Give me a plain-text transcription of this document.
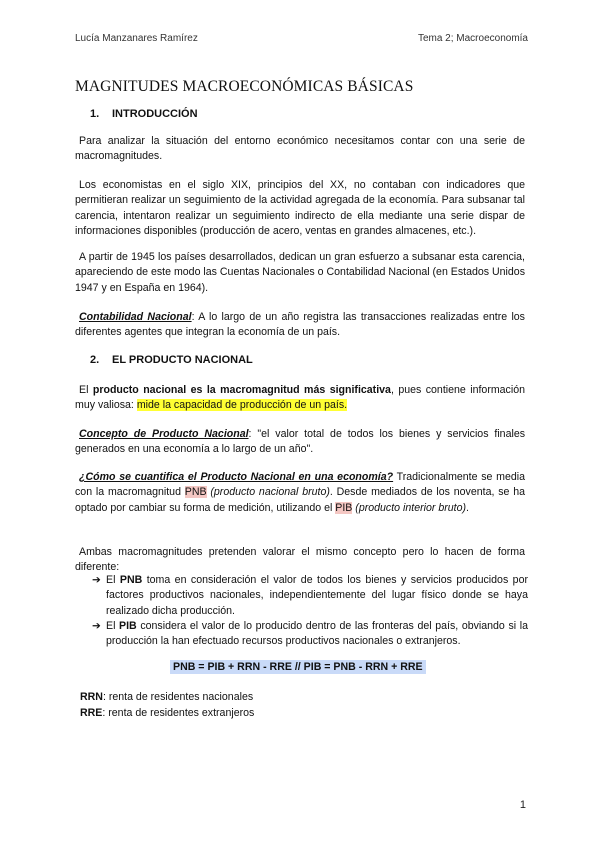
Lucía Manzanares Ramírez	Tema 2; Macroeconomía
MAGNITUDES MACROECONÓMICAS BÁSICAS
1. INTRODUCCIÓN

Para analizar la situación del entorno económico necesitamos contar con una serie de macromagnitudes.

Los economistas en el siglo XIX, principios del XX, no contaban con indicadores que permitieran realizar un seguimiento de la actividad agregada de la economía. Para subsanar tal carencia, intentaron realizar un seguimiento indirecto de ella mediante una serie dispar de informaciones disponibles (producción de acero, ventas en grandes almacenes, etc.).

A partir de 1945 los países desarrollados, dedican un gran esfuerzo a subsanar esta carencia, apareciendo de este modo las Cuentas Nacionales o Contabilidad Nacional (en Estados Unidos 1947 y en España en 1964).

Contabilidad Nacional: A lo largo de un año registra las transacciones realizadas entre los diferentes agentes que integran la economía de un país.

2. EL PRODUCTO NACIONAL

El producto nacional es la macromagnitud más significativa, pues contiene información muy valiosa: mide la capacidad de producción de un país.

Concepto de Producto Nacional: "el valor total de todos los bienes y servicios finales generados en una economía a lo largo de un año".

¿Cómo se cuantifica el Producto Nacional en una economía? Tradicionalmente se media con la macromagnitud PNB (producto nacional bruto). Desde mediados de los noventa, se ha optado por cambiar su forma de medición, utilizando el PIB (producto interior bruto).

Ambas macromagnitudes pretenden valorar el mismo concepto pero lo hacen de forma diferente:

➔ El PNB toma en consideración el valor de todos los bienes y servicios producidos por factores productivos nacionales, independientemente del lugar físico donde se haya realizado dicha producción.
➔ El PIB considera el valor de lo producido dentro de las fronteras del país, obviando si la producción la han efectuado recursos productivos nacionales o extranjeros.
PNB = PIB + RRN - RRE // PIB = PNB - RRN + RRE
RRN: renta de residentes nacionales
RRE: renta de residentes extranjeros
1
